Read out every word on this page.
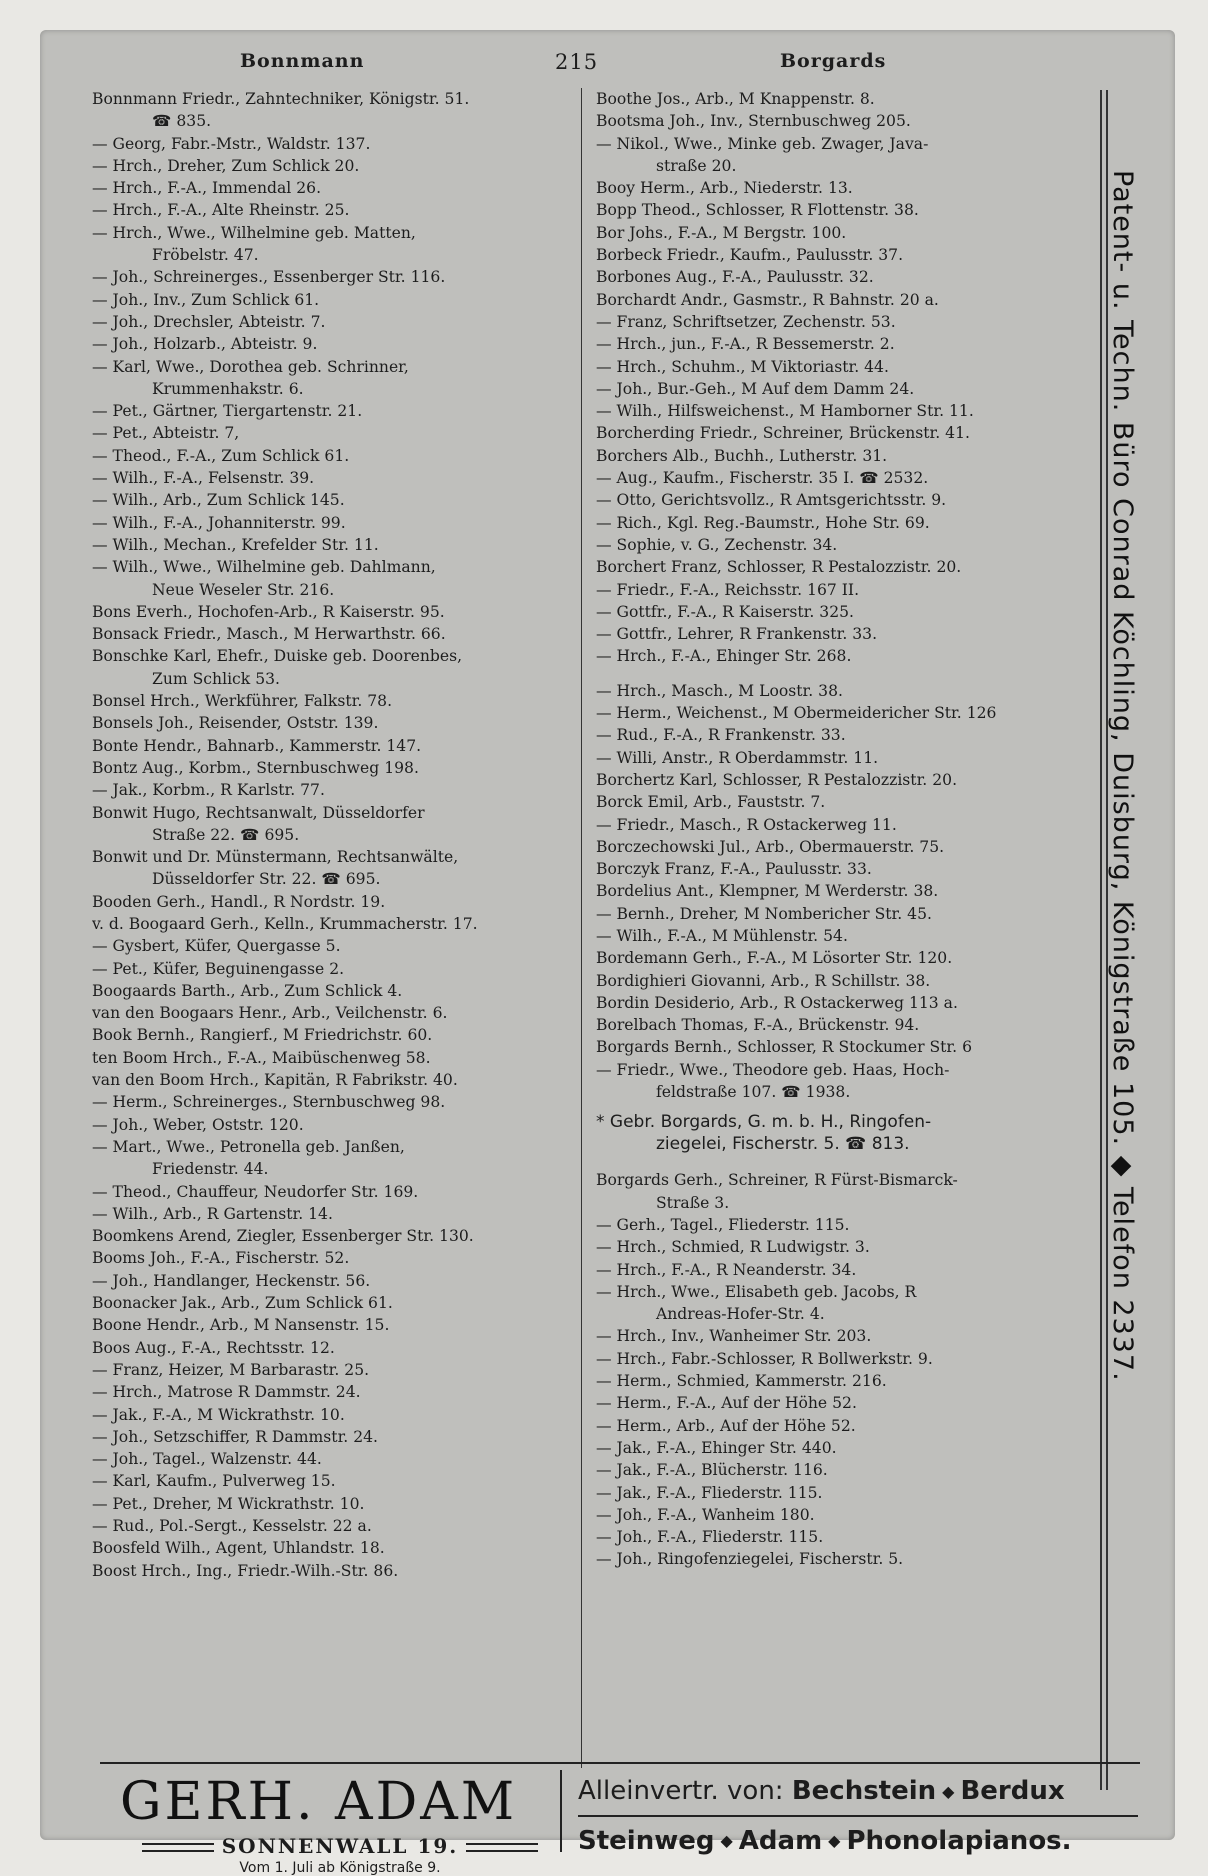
Bonnmann	215	Borgards
Bonnmann Friedr., Zahntechniker, Königstr. 51.
☎ 835.
— Georg, Fabr.-Mstr., Waldstr. 137.
— Hrch., Dreher, Zum Schlick 20.
— Hrch., F.-A., Immendal 26.
— Hrch., F.-A., Alte Rheinstr. 25.
— Hrch., Wwe., Wilhelmine geb. Matten,
Fröbelstr. 47.
— Joh., Schreinerges., Essenberger Str. 116.
— Joh., Inv., Zum Schlick 61.
— Joh., Drechsler, Abteistr. 7.
— Joh., Holzarb., Abteistr. 9.
— Karl, Wwe., Dorothea geb. Schrinner,
Krummenhakstr. 6.
— Pet., Gärtner, Tiergartenstr. 21.
— Pet., Abteistr. 7,
— Theod., F.-A., Zum Schlick 61.
— Wilh., F.-A., Felsenstr. 39.
— Wilh., Arb., Zum Schlick 145.
— Wilh., F.-A., Johanniterstr. 99.
— Wilh., Mechan., Krefelder Str. 11.
— Wilh., Wwe., Wilhelmine geb. Dahlmann,
Neue Weseler Str. 216.
Bons Everh., Hochofen-Arb., R Kaiserstr. 95.
Bonsack Friedr., Masch., M Herwarthstr. 66.
Bonschke Karl, Ehefr., Duiske geb. Doorenbes,
Zum Schlick 53.
Bonsel Hrch., Werkführer, Falkstr. 78.
Bonsels Joh., Reisender, Oststr. 139.
Bonte Hendr., Bahnarb., Kammerstr. 147.
Bontz Aug., Korbm., Sternbuschweg 198.
— Jak., Korbm., R Karlstr. 77.
Bonwit Hugo, Rechtsanwalt, Düsseldorfer
Straße 22. ☎ 695.
Bonwit und Dr. Münstermann, Rechtsanwälte,
Düsseldorfer Str. 22. ☎ 695.
Booden Gerh., Handl., R Nordstr. 19.
v. d. Boogaard Gerh., Kelln., Krummacherstr. 17.
— Gysbert, Küfer, Quergasse 5.
— Pet., Küfer, Beguinengasse 2.
Boogaards Barth., Arb., Zum Schlick 4.
van den Boogaars Henr., Arb., Veilchenstr. 6.
Book Bernh., Rangierf., M Friedrichstr. 60.
ten Boom Hrch., F.-A., Maibüschenweg 58.
van den Boom Hrch., Kapitän, R Fabrikstr. 40.
— Herm., Schreinerges., Sternbuschweg 98.
— Joh., Weber, Oststr. 120.
— Mart., Wwe., Petronella geb. Janßen,
Friedenstr. 44.
— Theod., Chauffeur, Neudorfer Str. 169.
— Wilh., Arb., R Gartenstr. 14.
Boomkens Arend, Ziegler, Essenberger Str. 130.
Booms Joh., F.-A., Fischerstr. 52.
— Joh., Handlanger, Heckenstr. 56.
Boonacker Jak., Arb., Zum Schlick 61.
Boone Hendr., Arb., M Nansenstr. 15.
Boos Aug., F.-A., Rechtsstr. 12.
— Franz, Heizer, M Barbarastr. 25.
— Hrch., Matrose R Dammstr. 24.
— Jak., F.-A., M Wickrathstr. 10.
— Joh., Setzschiffer, R Dammstr. 24.
— Joh., Tagel., Walzenstr. 44.
— Karl, Kaufm., Pulverweg 15.
— Pet., Dreher, M Wickrathstr. 10.
— Rud., Pol.-Sergt., Kesselstr. 22 a.
Boosfeld Wilh., Agent, Uhlandstr. 18.
Boost Hrch., Ing., Friedr.-Wilh.-Str. 86.
Boothe Jos., Arb., M Knappenstr. 8.
Bootsma Joh., Inv., Sternbuschweg 205.
— Nikol., Wwe., Minke geb. Zwager, Java-
straße 20.
Booy Herm., Arb., Niederstr. 13.
Bopp Theod., Schlosser, R Flottenstr. 38.
Bor Johs., F.-A., M Bergstr. 100.
Borbeck Friedr., Kaufm., Paulusstr. 37.
Borbones Aug., F.-A., Paulusstr. 32.
Borchardt Andr., Gasmstr., R Bahnstr. 20 a.
— Franz, Schriftsetzer, Zechenstr. 53.
— Hrch., jun., F.-A., R Bessemerstr. 2.
— Hrch., Schuhm., M Viktoriastr. 44.
— Joh., Bur.-Geh., M Auf dem Damm 24.
— Wilh., Hilfsweichenst., M Hamborner Str. 11.
Borcherding Friedr., Schreiner, Brückenstr. 41.
Borchers Alb., Buchh., Lutherstr. 31.
— Aug., Kaufm., Fischerstr. 35 I. ☎ 2532.
— Otto, Gerichtsvollz., R Amtsgerichtsstr. 9.
— Rich., Kgl. Reg.-Baumstr., Hohe Str. 69.
— Sophie, v. G., Zechenstr. 34.
Borchert Franz, Schlosser, R Pestalozzistr. 20.
— Friedr., F.-A., Reichsstr. 167 II.
— Gottfr., F.-A., R Kaiserstr. 325.
— Gottfr., Lehrer, R Frankenstr. 33.
— Hrch., F.-A., Ehinger Str. 268.
— Hrch., Masch., M Loostr. 38.
— Herm., Weichenst., M Obermeidericher Str. 126
— Rud., F.-A., R Frankenstr. 33.
— Willi, Anstr., R Oberdammstr. 11.
Borchertz Karl, Schlosser, R Pestalozzistr. 20.
Borck Emil, Arb., Fauststr. 7.
— Friedr., Masch., R Ostackerweg 11.
Borczechowski Jul., Arb., Obermauerstr. 75.
Borczyk Franz, F.-A., Paulusstr. 33.
Bordelius Ant., Klempner, M Werderstr. 38.
— Bernh., Dreher, M Nombericher Str. 45.
— Wilh., F.-A., M Mühlenstr. 54.
Bordemann Gerh., F.-A., M Lösorter Str. 120.
Bordighieri Giovanni, Arb., R Schillstr. 38.
Bordin Desiderio, Arb., R Ostackerweg 113 a.
Borelbach Thomas, F.-A., Brückenstr. 94.
Borgards Bernh., Schlosser, R Stockumer Str. 6
— Friedr., Wwe., Theodore geb. Haas, Hoch-
feldstraße 107. ☎ 1938.
* Gebr. Borgards, G. m. b. H., Ringofen-
ziegelei, Fischerstr. 5. ☎ 813.
Borgards Gerh., Schreiner, R Fürst-Bismarck-
Straße 3.
— Gerh., Tagel., Fliederstr. 115.
— Hrch., Schmied, R Ludwigstr. 3.
— Hrch., F.-A., R Neanderstr. 34.
— Hrch., Wwe., Elisabeth geb. Jacobs, R
Andreas-Hofer-Str. 4.
— Hrch., Inv., Wanheimer Str. 203.
— Hrch., Fabr.-Schlosser, R Bollwerkstr. 9.
— Herm., Schmied, Kammerstr. 216.
— Herm., F.-A., Auf der Höhe 52.
— Herm., Arb., Auf der Höhe 52.
— Jak., F.-A., Ehinger Str. 440.
— Jak., F.-A., Blücherstr. 116.
— Jak., F.-A., Fliederstr. 115.
— Joh., F.-A., Wanheim 180.
— Joh., F.-A., Fliederstr. 115.
— Joh., Ringofenziegelei, Fischerstr. 5.
Patent- u. Techn. Büro Conrad Köchling, Duisburg, Königstraße 105. ◆ Telefon 2337.
GERH. ADAM
SONNENWALL 19.
Vom 1. Juli ab Königstraße 9.
Alleinvertr. von: Bechstein ◆ Berdux
Steinweg ◆ Adam ◆ Phonolapianos.
